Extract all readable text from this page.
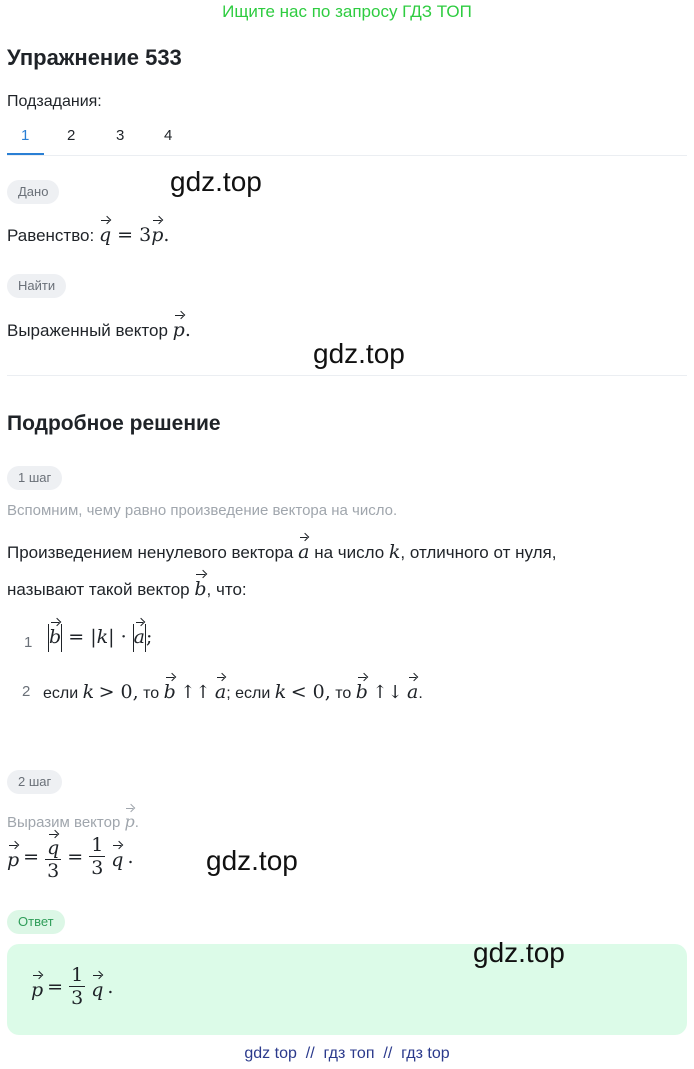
Ищите нас по запросу ГДЗ ТОП
Упражнение 533
Подзадания:
1	2	3	4
Дано	gdz.top
Равенство: q = 3p.
Найти
Выраженный вектор p.
gdz.top
Подробное решение
1 шаг
Вспомним, чему равно произведение вектора на число.
Произведением ненулевого вектора a на число k, отличного от нуля,
называют такой вектор b, что:
1 b = |k| · a;
2 если k > 0, то b ↑↑ a; если k < 0, то b ↑↓ a.
2 шаг
Выразим вектор p.
$p = \frac{q}{3} = \frac{1}{3}$ q .	gdz.top
Ответ
gdz.top
$p = \frac{1}{3}$ q .
gdz top  //  гдз топ  //  гдз top
